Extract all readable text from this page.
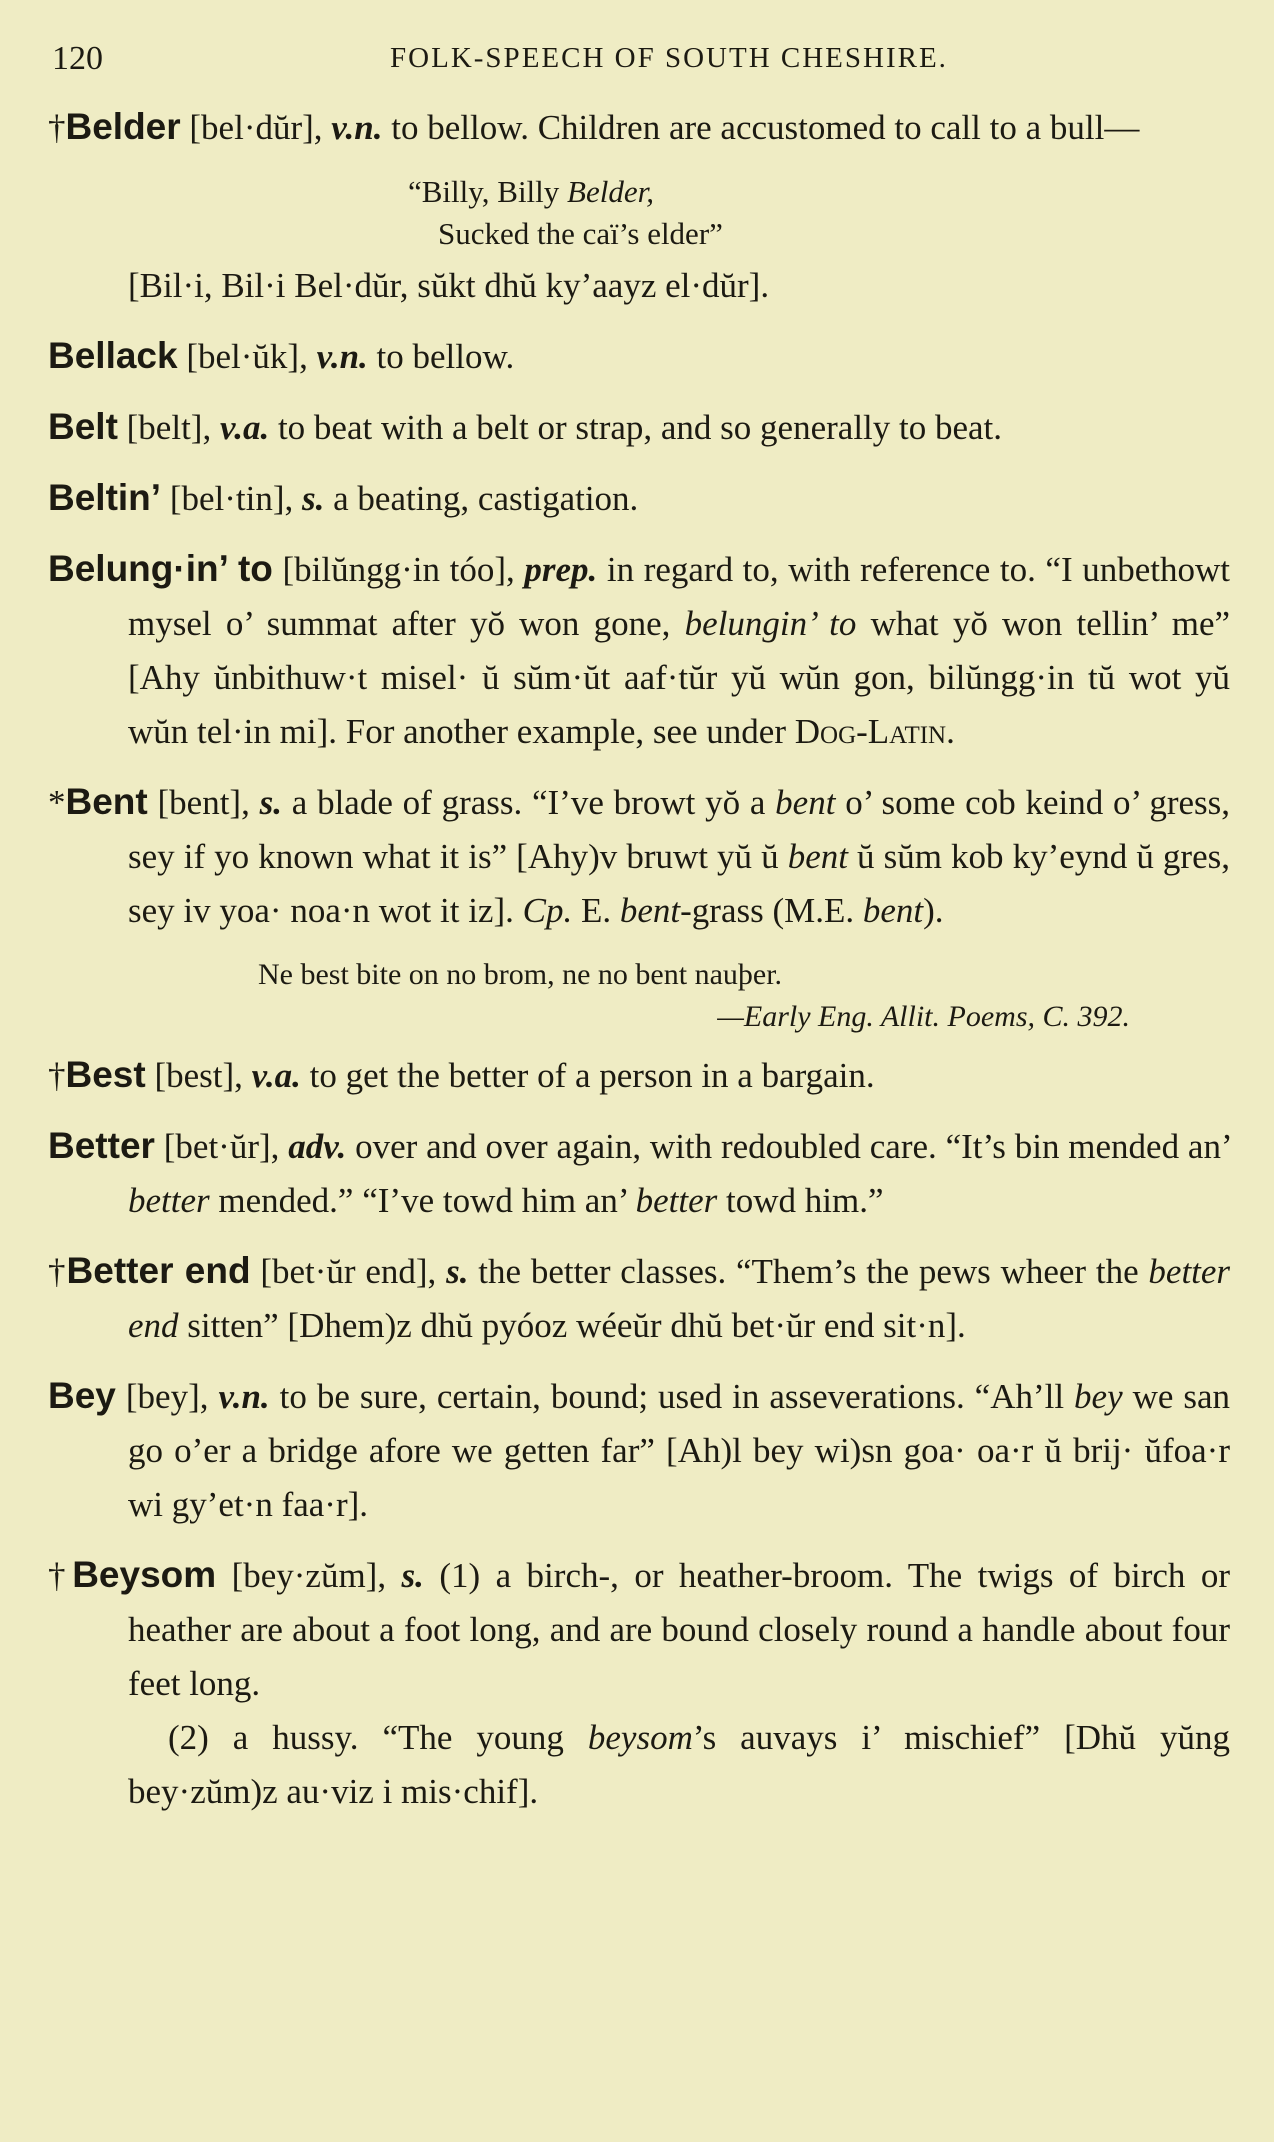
120	FOLK-SPEECH OF SOUTH CHESHIRE.

†Belder [bel·dŭr], v.n. to bellow. Children are accustomed to call to a bull—

“Billy, Billy Belder,
Sucked the caï’s elder”

[Bil·i, Bil·i Bel·dŭr, sŭkt dhŭ ky’aayz el·dŭr].

Bellack [bel·ŭk], v.n. to bellow.

Belt [belt], v.a. to beat with a belt or strap, and so generally to beat.

Beltin’ [bel·tin], s. a beating, castigation.

Belung·in’ to [bilŭngg·in tóo], prep. in regard to, with reference to. “I unbethowt mysel o’ summat after yŏ won gone, belungin’ to what yŏ won tellin’ me” [Ahy ŭnbithuw·t misel· ŭ sŭm·ŭt aaf·tŭr yŭ wŭn gon, bilŭngg·in tŭ wot yŭ wŭn tel·in mi]. For another example, see under Dog-Latin.

*Bent [bent], s. a blade of grass. “I’ve browt yŏ a bent o’ some cob keind o’ gress, sey if yo known what it is” [Ahy)v bruwt yŭ ŭ bent ŭ sŭm kob ky’eynd ŭ gres, sey iv yoa· noa·n wot it iz]. Cp. E. bent-grass (M.E. bent).

Ne best bite on no brom, ne no bent nauþer.
—Early Eng. Allit. Poems, C. 392.

†Best [best], v.a. to get the better of a person in a bargain.

Better [bet·ŭr], adv. over and over again, with redoubled care. “It’s bin mended an’ better mended.” “I’ve towd him an’ better towd him.”

†Better end [bet·ŭr end], s. the better classes. “Them’s the pews wheer the better end sitten” [Dhem)z dhŭ pyóoz wéeŭr dhŭ bet·ŭr end sit·n].

Bey [bey], v.n. to be sure, certain, bound; used in asseverations. “Ah’ll bey we san go o’er a bridge afore we getten far” [Ah)l bey wi)sn goa· oa·r ŭ brij· ŭfoa·r wi gy’et·n faa·r].

†Beysom [bey·zŭm], s. (1) a birch-, or heather-broom. The twigs of birch or heather are about a foot long, and are bound closely round a handle about four feet long.
(2) a hussy. “The young beysom’s auvays i’ mischief” [Dhŭ yŭng bey·zŭm)z au·viz i mis·chif].
